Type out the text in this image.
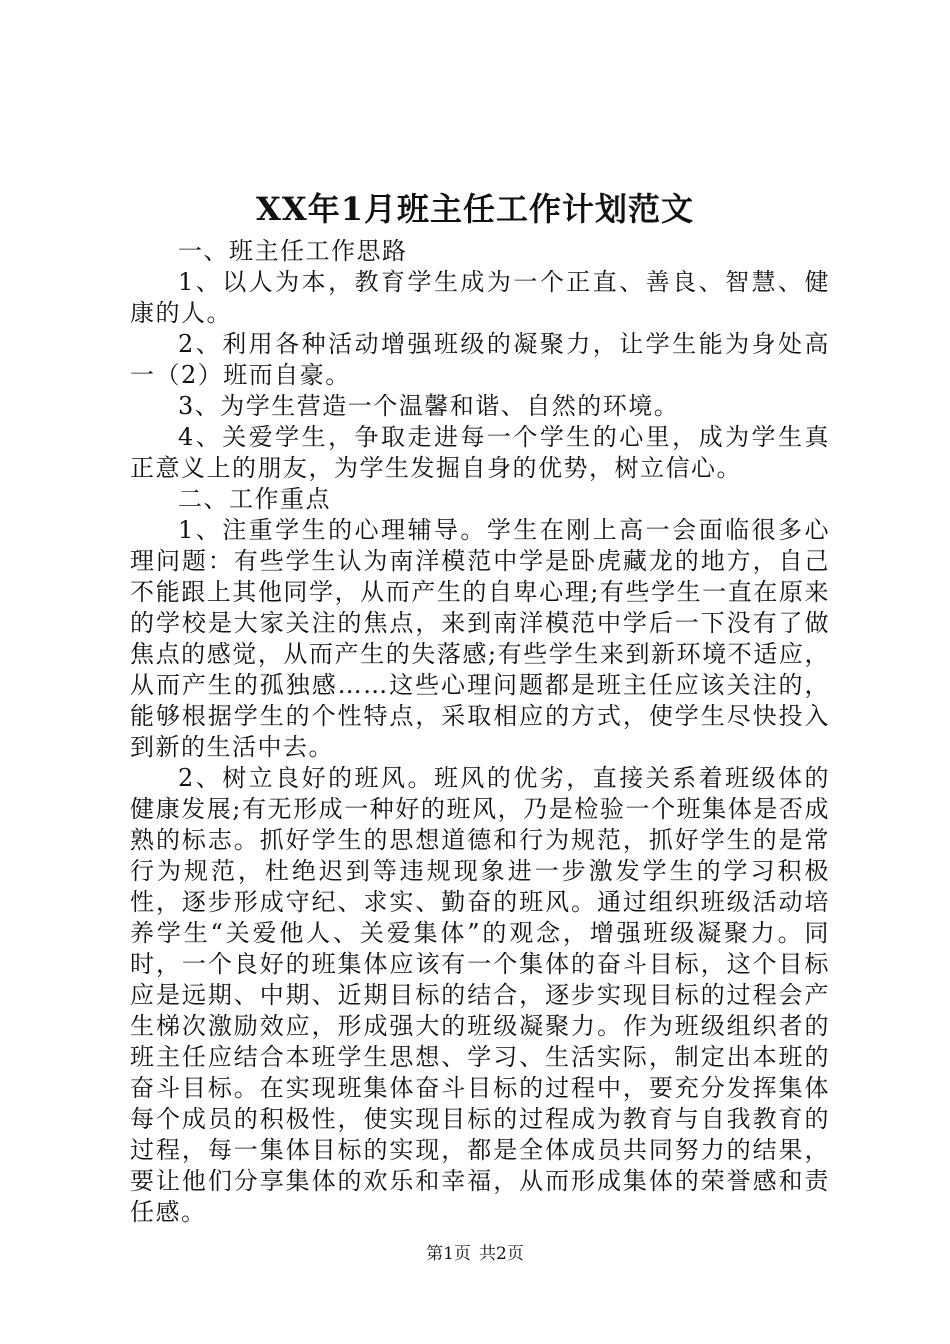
XX年1月班主任工作计划范文

一、班主任工作思路

1、以人为本，教育学生成为一个正直、善良、智慧、健康的人。

2、利用各种活动增强班级的凝聚力，让学生能为身处高一（2）班而自豪。

3、为学生营造一个温馨和谐、自然的环境。

4、关爱学生，争取走进每一个学生的心里，成为学生真正意义上的朋友，为学生发掘自身的优势，树立信心。

二、工作重点

1、注重学生的心理辅导。学生在刚上高一会面临很多心理问题：有些学生认为南洋模范中学是卧虎藏龙的地方，自己不能跟上其他同学，从而产生的自卑心理;有些学生一直在原来的学校是大家关注的焦点，来到南洋模范中学后一下没有了做焦点的感觉，从而产生的失落感;有些学生来到新环境不适应，从而产生的孤独感……这些心理问题都是班主任应该关注的，能够根据学生的个性特点，采取相应的方式，使学生尽快投入到新的生活中去。

2、树立良好的班风。班风的优劣，直接关系着班级体的健康发展;有无形成一种好的班风，乃是检验一个班集体是否成熟的标志。抓好学生的思想道德和行为规范，抓好学生的是常行为规范，杜绝迟到等违规现象进一步激发学生的学习积极性，逐步形成守纪、求实、勤奋的班风。通过组织班级活动培养学生“关爱他人、关爱集体”的观念，增强班级凝聚力。同时，一个良好的班集体应该有一个集体的奋斗目标，这个目标应是远期、中期、近期目标的结合，逐步实现目标的过程会产生梯次激励效应，形成强大的班级凝聚力。作为班级组织者的班主任应结合本班学生思想、学习、生活实际，制定出本班的奋斗目标。在实现班集体奋斗目标的过程中，要充分发挥集体每个成员的积极性，使实现目标的过程成为教育与自我教育的过程，每一集体目标的实现，都是全体成员共同努力的结果，要让他们分享集体的欢乐和幸福，从而形成集体的荣誉感和责任感。

第1页 共2页
